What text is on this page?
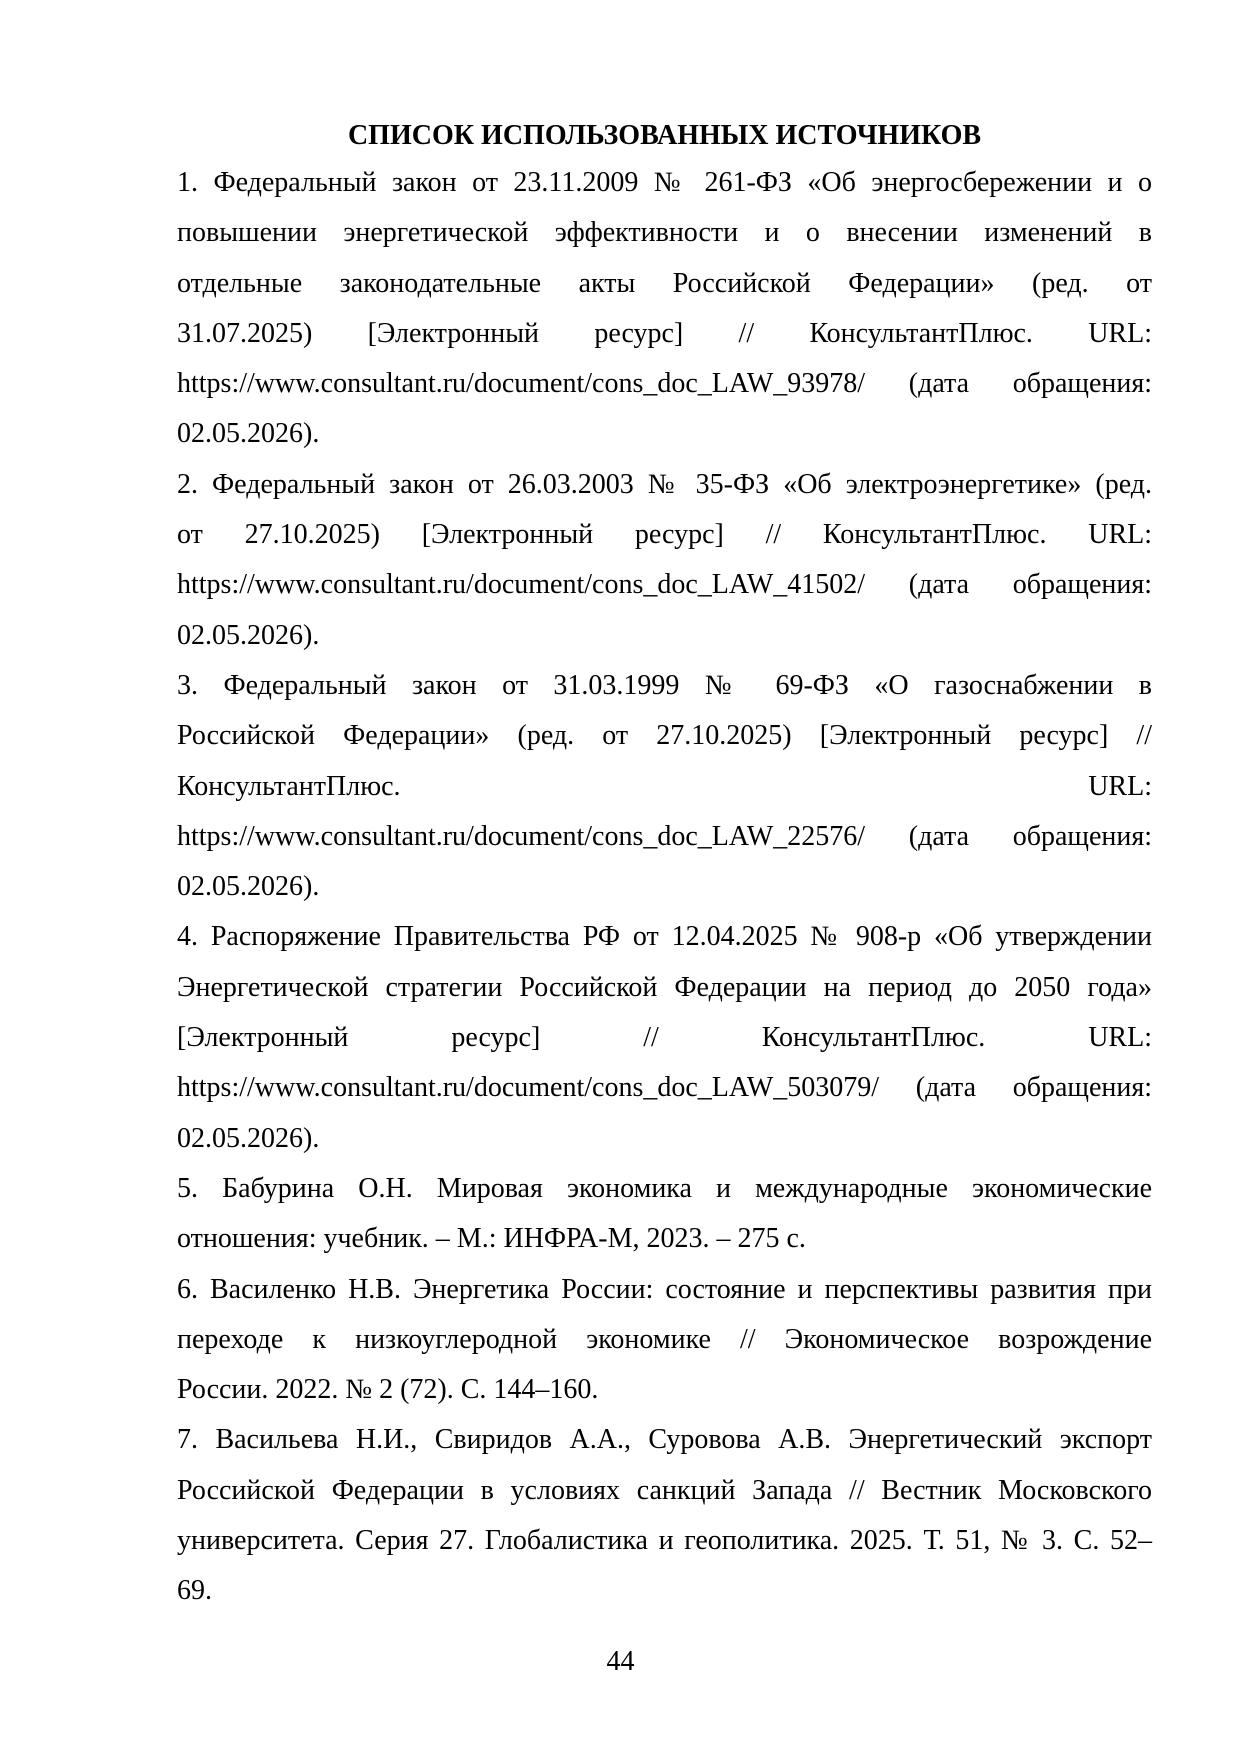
СПИСОК ИСПОЛЬЗОВАННЫХ ИСТОЧНИКОВ
1. Федеральный закон от 23.11.2009 № 261-ФЗ «Об энергосбережении и о
повышении энергетической эффективности и о внесении изменений в
отдельные законодательные акты Российской Федерации» (ред. от
31.07.2025) [Электронный ресурс] // КонсультантПлюс. URL:
https://www.consultant.ru/document/cons_doc_LAW_93978/ (дата обращения:
02.05.2026).
2. Федеральный закон от 26.03.2003 № 35-ФЗ «Об электроэнергетике» (ред.
от 27.10.2025) [Электронный ресурс] // КонсультантПлюс. URL:
https://www.consultant.ru/document/cons_doc_LAW_41502/ (дата обращения:
02.05.2026).
3. Федеральный закон от 31.03.1999 № 69-ФЗ «О газоснабжении в
Российской Федерации» (ред. от 27.10.2025) [Электронный ресурс] //
КонсультантПлюс. URL:
https://www.consultant.ru/document/cons_doc_LAW_22576/ (дата обращения:
02.05.2026).
4. Распоряжение Правительства РФ от 12.04.2025 № 908-р «Об утверждении
Энергетической стратегии Российской Федерации на период до 2050 года»
[Электронный ресурс] // КонсультантПлюс. URL:
https://www.consultant.ru/document/cons_doc_LAW_503079/ (дата обращения:
02.05.2026).
5. Бабурина О.Н. Мировая экономика и международные экономические
отношения: учебник. – М.: ИНФРА-М, 2023. – 275 с.
6. Василенко Н.В. Энергетика России: состояние и перспективы развития при
переходе к низкоуглеродной экономике // Экономическое возрождение
России. 2022. № 2 (72). С. 144–160.
7. Васильева Н.И., Свиридов А.А., Суровова А.В. Энергетический экспорт
Российской Федерации в условиях санкций Запада // Вестник Московского
университета. Серия 27. Глобалистика и геополитика. 2025. Т. 51, № 3. С. 52–
69.
44
